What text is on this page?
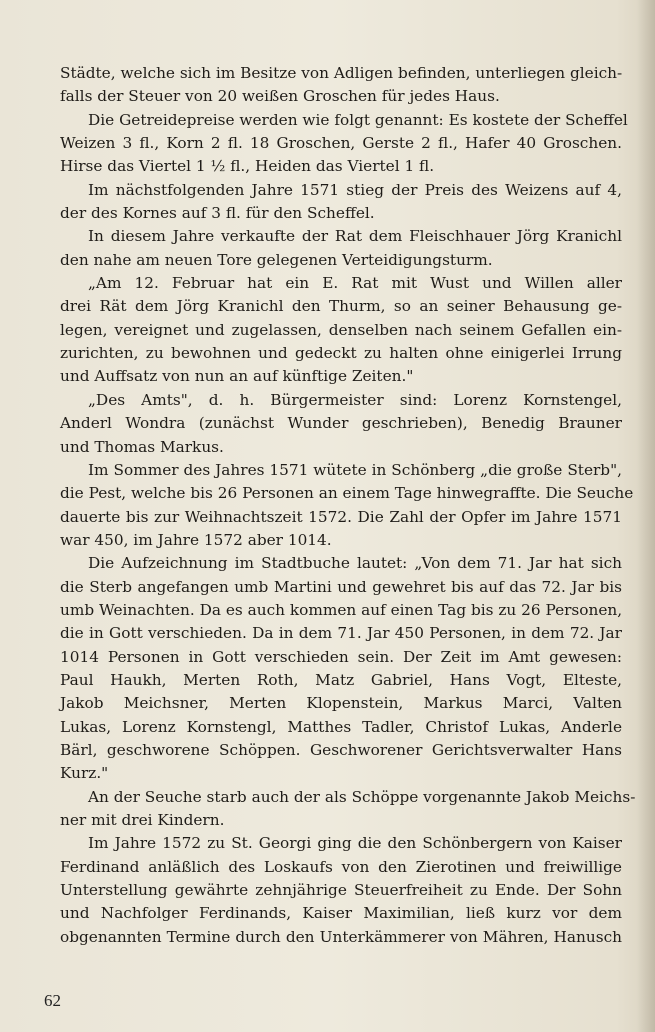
Städte, welche sich im Besitze von Adligen befinden, unterliegen gleich-
falls der Steuer von 20 weißen Groschen für jedes Haus.
Die Getreidepreise werden wie folgt genannt: Es kostete der Scheffel
Weizen 3 fl., Korn 2 fl. 18 Groschen, Gerste 2 fl., Hafer 40 Groschen.
Hirse das Viertel 1 ½ fl., Heiden das Viertel 1 fl.
Im nächstfolgenden Jahre 1571 stieg der Preis des Weizens auf 4,
der des Kornes auf 3 fl. für den Scheffel.
In diesem Jahre verkaufte der Rat dem Fleischhauer Jörg Kranichl
den nahe am neuen Tore gelegenen Verteidigungsturm.
„Am 12. Februar hat ein E. Rat mit Wust und Willen aller
drei Rät dem Jörg Kranichl den Thurm, so an seiner Behausung ge-
legen, vereignet und zugelassen, denselben nach seinem Gefallen ein-
zurichten, zu bewohnen und gedeckt zu halten ohne einigerlei Irrung
und Auffsatz von nun an auf künftige Zeiten."
„Des Amts", d. h. Bürgermeister sind: Lorenz Kornstengel,
Anderl Wondra (zunächst Wunder geschrieben), Benedig Brauner
und Thomas Markus.
Im Sommer des Jahres 1571 wütete in Schönberg „die große Sterb",
die Pest, welche bis 26 Personen an einem Tage hinwegraffte. Die Seuche
dauerte bis zur Weihnachtszeit 1572. Die Zahl der Opfer im Jahre 1571
war 450, im Jahre 1572 aber 1014.
Die Aufzeichnung im Stadtbuche lautet: „Von dem 71. Jar hat sich
die Sterb angefangen umb Martini und gewehret bis auf das 72. Jar bis
umb Weinachten. Da es auch kommen auf einen Tag bis zu 26 Personen,
die in Gott verschieden. Da in dem 71. Jar 450 Personen, in dem 72. Jar
1014 Personen in Gott verschieden sein. Der Zeit im Amt gewesen:
Paul Haukh, Merten Roth, Matz Gabriel, Hans Vogt, Elteste,
Jakob Meichsner, Merten Klopenstein, Markus Marci, Valten
Lukas, Lorenz Kornstengl, Matthes Tadler, Christof Lukas, Anderle
Bärl, geschworene Schöppen. Geschworener Gerichtsverwalter Hans
Kurz."
An der Seuche starb auch der als Schöppe vorgenannte Jakob Meichs-
ner mit drei Kindern.
Im Jahre 1572 zu St. Georgi ging die den Schönbergern von Kaiser
Ferdinand anläßlich des Loskaufs von den Zierotinen und freiwillige
Unterstellung gewährte zehnjährige Steuerfreiheit zu Ende. Der Sohn
und Nachfolger Ferdinands, Kaiser Maximilian, ließ kurz vor dem
obgenannten Termine durch den Unterkämmerer von Mähren, Hanusch
62
